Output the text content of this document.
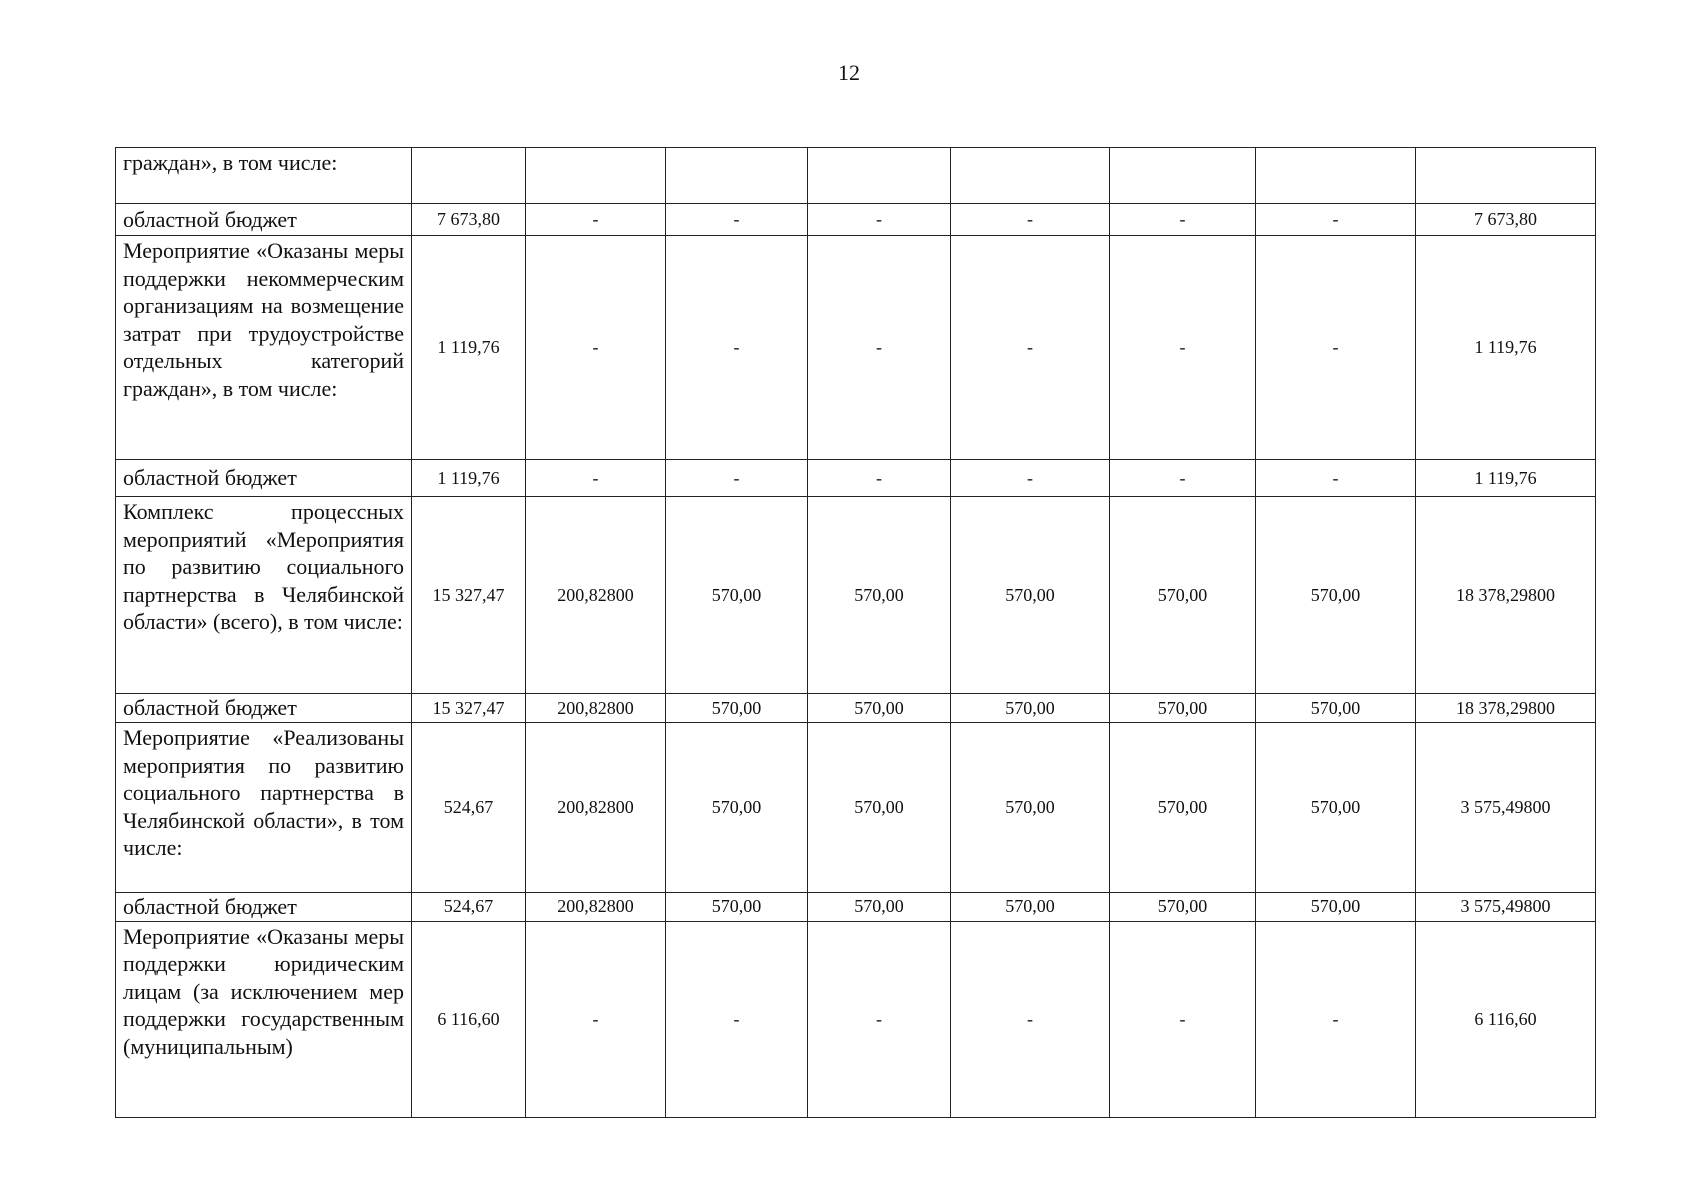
12
граждан», в том числе:								
областной бюджет	7 673,80	-	-	-	-	-	-	7 673,80
Мероприятие «Оказаны меры поддержки некоммерческим организациям на возмещение затрат при трудоустройстве отдельных категорий граждан», в том числе:	1 119,76	-	-	-	-	-	-	1 119,76
областной бюджет	1 119,76	-	-	-	-	-	-	1 119,76
Комплекс процессных мероприятий «Мероприятия по развитию социального партнерства в Челябинской области» (всего), в том числе:	15 327,47	200,82800	570,00	570,00	570,00	570,00	570,00	18 378,29800
областной бюджет	15 327,47	200,82800	570,00	570,00	570,00	570,00	570,00	18 378,29800
Мероприятие «Реализованы мероприятия по развитию социального партнерства в Челябинской области», в том числе:	524,67	200,82800	570,00	570,00	570,00	570,00	570,00	3 575,49800
областной бюджет	524,67	200,82800	570,00	570,00	570,00	570,00	570,00	3 575,49800
Мероприятие «Оказаны меры поддержки юридическим лицам (за исключением мер поддержки государственным (муниципальным)	6 116,60	-	-	-	-	-	-	6 116,60
